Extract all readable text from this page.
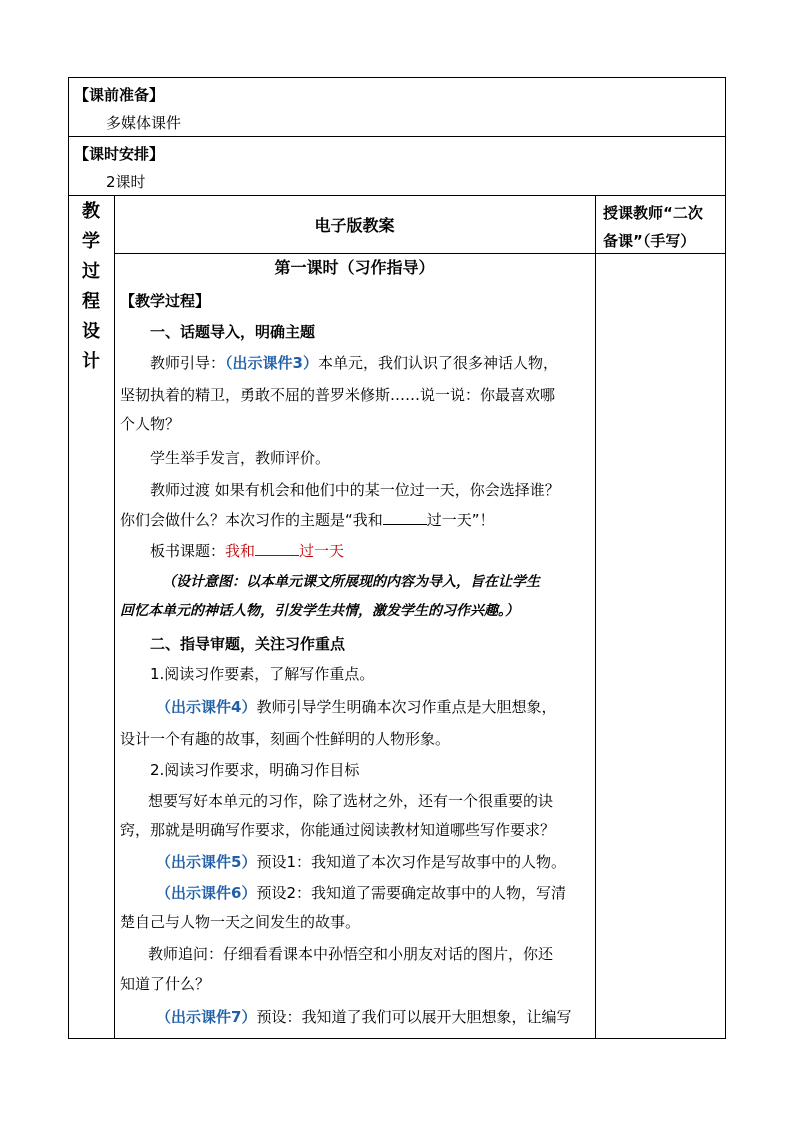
【课前准备】
多媒体课件
【课时安排】
2课时
教
学
过
程
设
计
电子版教案
授课教师“二次
备课”（手写）
第一课时（习作指导）
【教学过程】
一、话题导入，明确主题
教师引导：（出示课件3）本单元，我们认识了很多神话人物，
坚韧执着的精卫，勇敢不屈的普罗米修斯……说一说：你最喜欢哪
个人物？
学生举手发言，教师评价。
教师过渡 如果有机会和他们中的某一位过一天，你会选择谁？
你们会做什么？本次习作的主题是“我和	过一天”！
板书课题：我和	过一天
（设计意图：以本单元课文所展现的内容为导入，旨在让学生
回忆本单元的神话人物，引发学生共情，激发学生的习作兴趣。）
二、指导审题，关注习作重点
1.阅读习作要素，了解写作重点。
（出示课件4）教师引导学生明确本次习作重点是大胆想象，
设计一个有趣的故事，刻画个性鲜明的人物形象。
2.阅读习作要求，明确习作目标
想要写好本单元的习作，除了选材之外，还有一个很重要的诀
窍，那就是明确写作要求，你能通过阅读教材知道哪些写作要求？
（出示课件5）预设1：我知道了本次习作是写故事中的人物。
（出示课件6）预设2：我知道了需要确定故事中的人物，写清
楚自己与人物一天之间发生的故事。
教师追问：仔细看看课本中孙悟空和小朋友对话的图片，你还
知道了什么？
（出示课件7）预设：我知道了我们可以展开大胆想象，让编写
